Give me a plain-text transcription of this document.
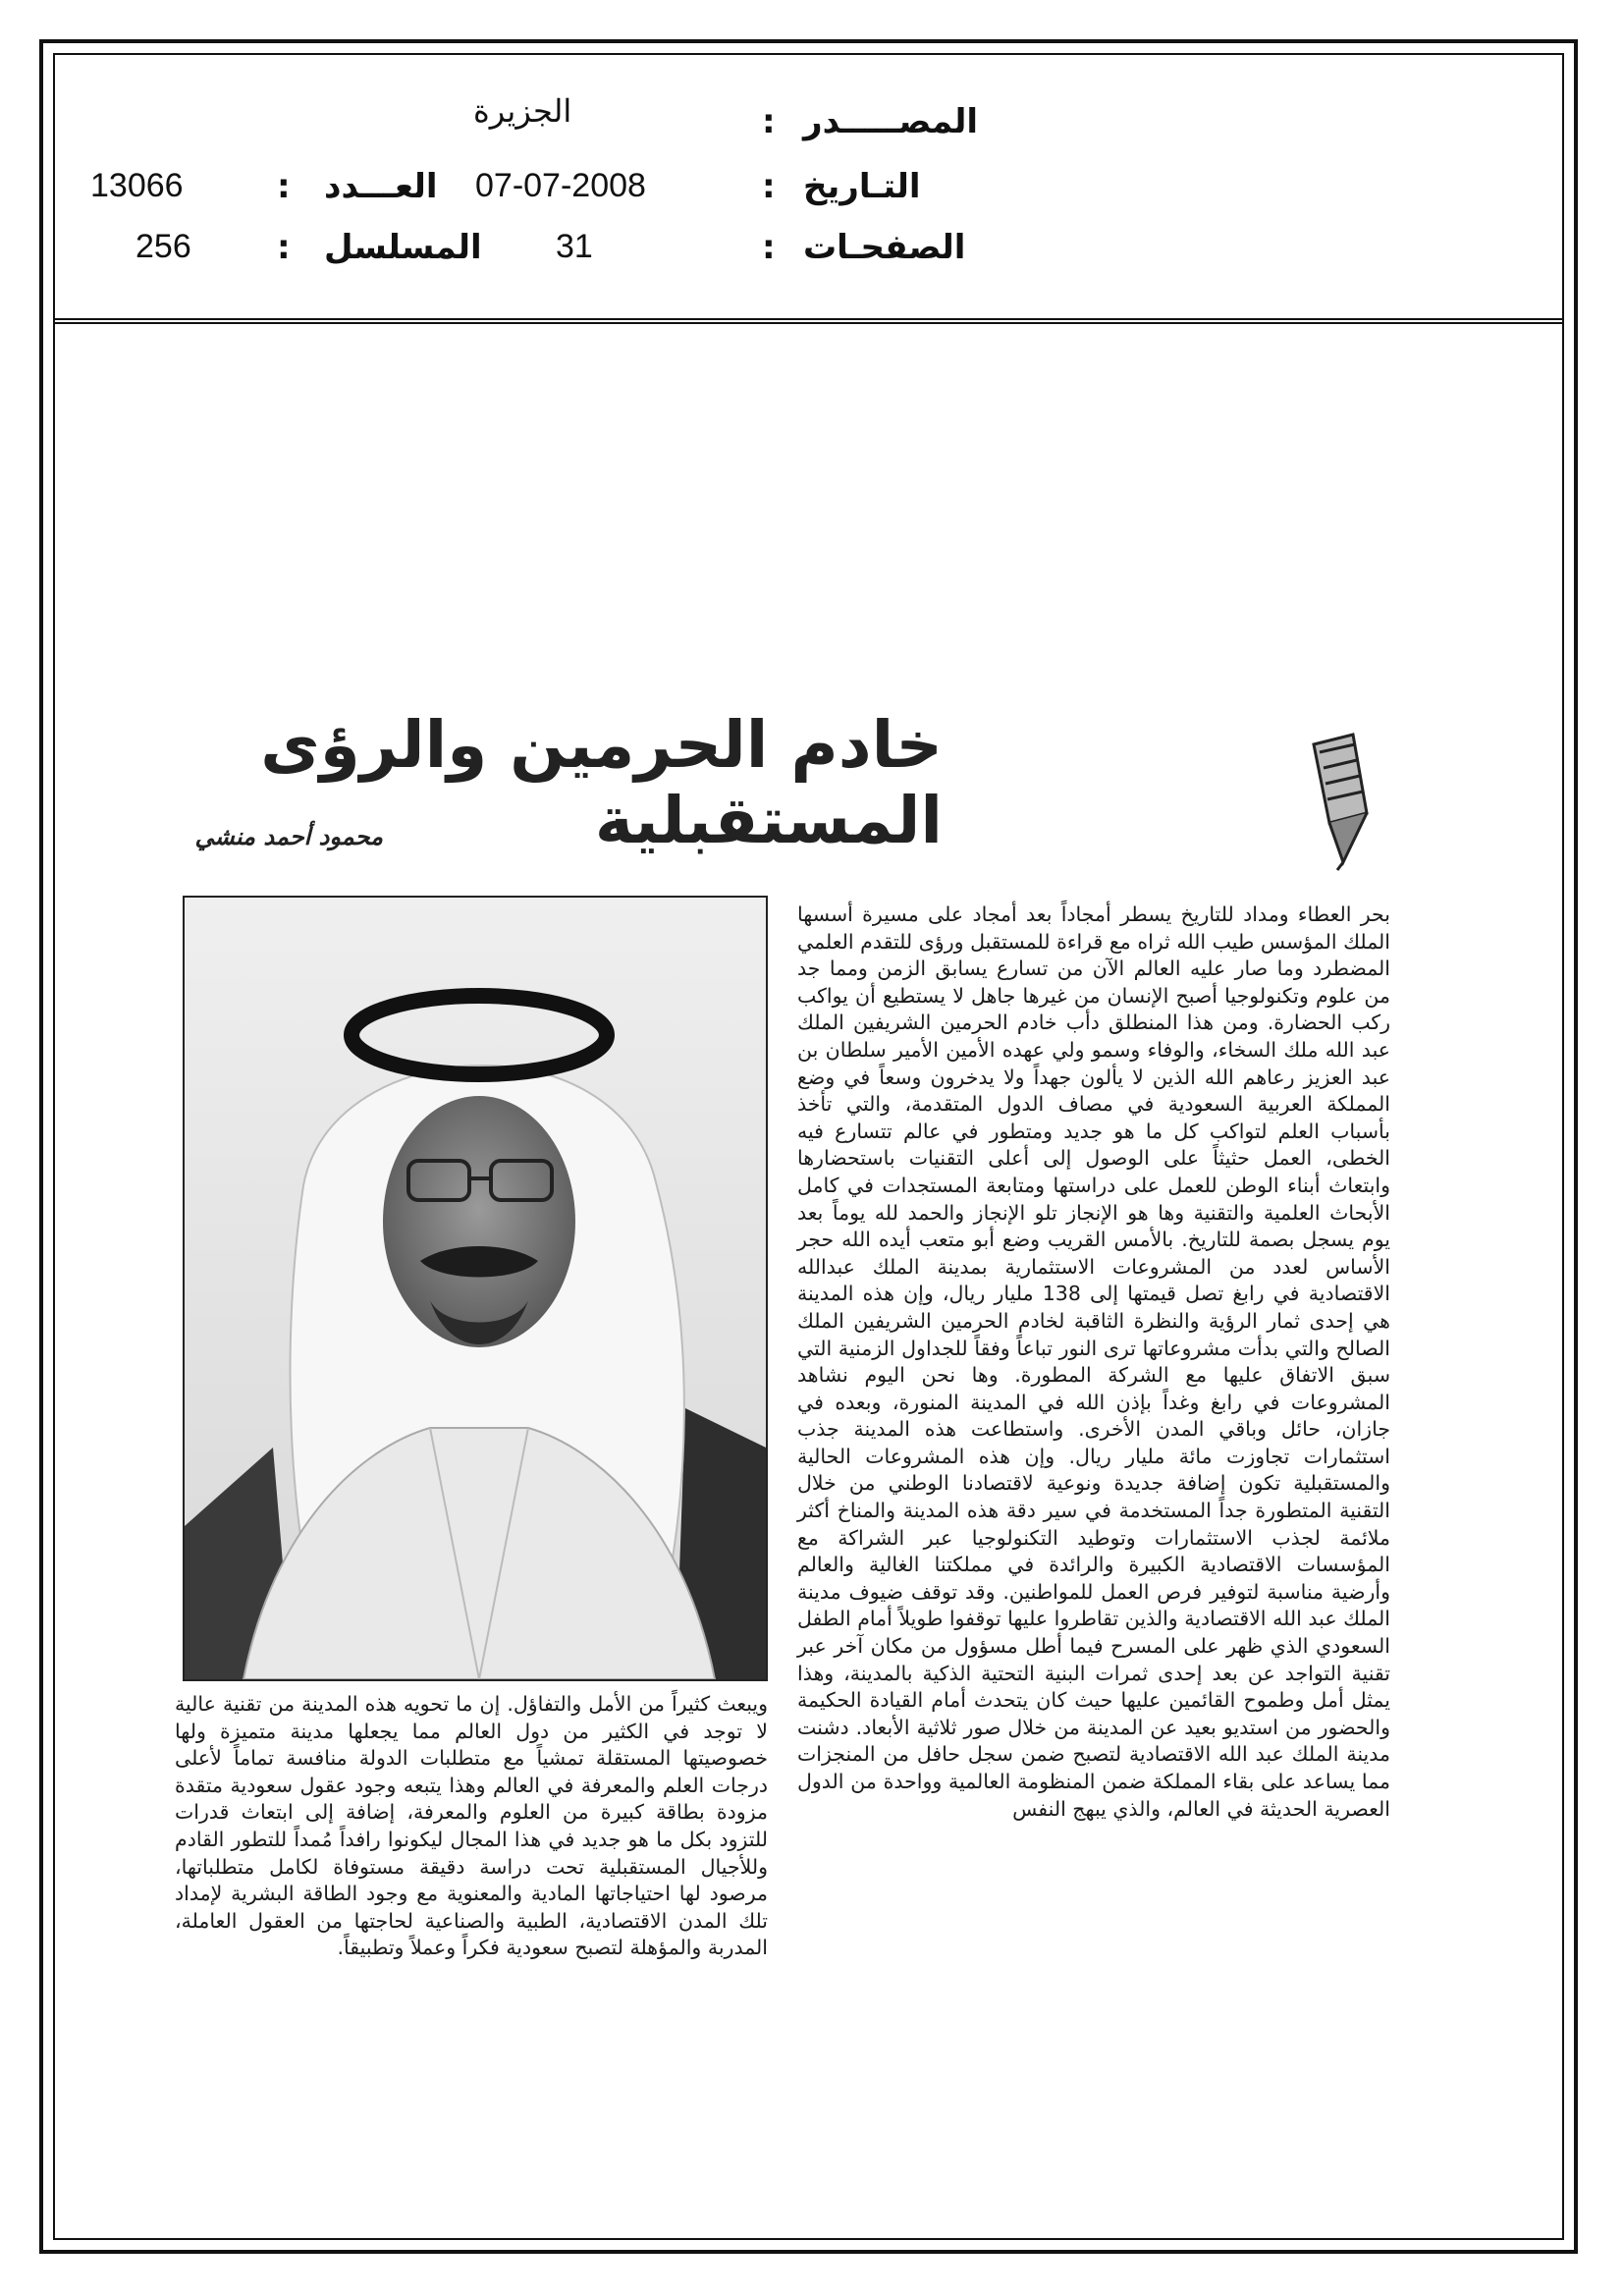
المصـــــدر
:
الجزيرة
التـاريخ
:
07-07-2008
العـــدد
:
13066
الصفحـات
:
31
المسلسل
:
256
خادم الحرمين والرؤى المستقبلية
محمود أحمد منشي

بحر العطاء ومداد للتاريخ يسطر أمجاداً بعد أمجاد على مسيرة أسسها الملك المؤسس طيب الله ثراه مع قراءة للمستقبل ورؤى للتقدم العلمي المضطرد وما صار عليه العالم الآن من تسارع يسابق الزمن ومما جد من علوم وتكنولوجيا أصبح الإنسان من غيرها جاهل لا يستطيع أن يواكب ركب الحضارة. ومن هذا المنطلق دأب خادم الحرمين الشريفين الملك عبد الله ملك السخاء، والوفاء وسمو ولي عهده الأمين الأمير سلطان بن عبد العزيز رعاهم الله الذين لا يألون جهداً ولا يدخرون وسعاً في وضع المملكة العربية السعودية في مصاف الدول المتقدمة، والتي تأخذ بأسباب العلم لتواكب كل ما هو جديد ومتطور في عالم تتسارع فيه الخطى، العمل حثيثاً على الوصول إلى أعلى التقنيات باستحضارها وابتعاث أبناء الوطن للعمل على دراستها ومتابعة المستجدات في كامل الأبحاث العلمية والتقنية وها هو الإنجاز تلو الإنجاز والحمد لله يوماً بعد يوم يسجل بصمة للتاريخ. بالأمس القريب وضع أبو متعب أيده الله حجر الأساس لعدد من المشروعات الاستثمارية بمدينة الملك عبدالله الاقتصادية في رابغ تصل قيمتها إلى 138 مليار ريال، وإن هذه المدينة هي إحدى ثمار الرؤية والنظرة الثاقبة لخادم الحرمين الشريفين الملك الصالح والتي بدأت مشروعاتها ترى النور تباعاً وفقاً للجداول الزمنية التي سبق الاتفاق عليها مع الشركة المطورة. وها نحن اليوم نشاهد المشروعات في رابغ وغداً بإذن الله في المدينة المنورة، وبعده في جازان، حائل وباقي المدن الأخرى. واستطاعت هذه المدينة جذب استثمارات تجاوزت مائة مليار ريال. وإن هذه المشروعات الحالية والمستقبلية تكون إضافة جديدة ونوعية لاقتصادنا الوطني من خلال التقنية المتطورة جداً المستخدمة في سير دقة هذه المدينة والمناخ أكثر ملائمة لجذب الاستثمارات وتوطيد التكنولوجيا عبر الشراكة مع المؤسسات الاقتصادية الكبيرة والرائدة في مملكتنا الغالية والعالم وأرضية مناسبة لتوفير فرص العمل للمواطنين. وقد توقف ضيوف مدينة الملك عبد الله الاقتصادية والذين تقاطروا عليها توقفوا طويلاً أمام الطفل السعودي الذي ظهر على المسرح فيما أطل مسؤول من مكان آخر عبر تقنية التواجد عن بعد إحدى ثمرات البنية التحتية الذكية بالمدينة، وهذا يمثل أمل وطموح القائمين عليها حيث كان يتحدث أمام القيادة الحكيمة والحضور من استديو بعيد عن المدينة من خلال صور ثلاثية الأبعاد. دشنت مدينة الملك عبد الله الاقتصادية لتصبح ضمن سجل حافل من المنجزات مما يساعد على بقاء المملكة ضمن المنظومة العالمية وواحدة من الدول العصرية الحديثة في العالم، والذي يبهج النفس

ويبعث كثيراً من الأمل والتفاؤل. إن ما تحويه هذه المدينة من تقنية عالية لا توجد في الكثير من دول العالم مما يجعلها مدينة متميزة ولها خصوصيتها المستقلة تمشياً مع متطلبات الدولة منافسة تماماً لأعلى درجات العلم والمعرفة في العالم وهذا يتبعه وجود عقول سعودية متقدة مزودة بطاقة كبيرة من العلوم والمعرفة، إضافة إلى ابتعاث قدرات للتزود بكل ما هو جديد في هذا المجال ليكونوا رافداً مُمداً للتطور القادم وللأجيال المستقبلية تحت دراسة دقيقة مستوفاة لكامل متطلباتها، مرصود لها احتياجاتها المادية والمعنوية مع وجود الطاقة البشرية لإمداد تلك المدن الاقتصادية، الطبية والصناعية لحاجتها من العقول العاملة، المدربة والمؤهلة لتصبح سعودية فكراً وعملاً وتطبيقاً.
